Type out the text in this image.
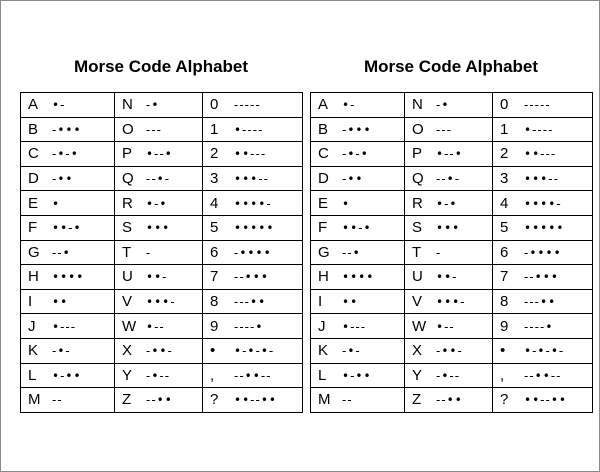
Morse Code Alphabet
A •-	N -•	0 -----
B -•••	O ---	1 •----
C -•-•	P •--•	2 ••---
D -••	Q --•-	3 •••--
E •	R •-•	4 ••••-
F ••-•	S •••	5 •••••
G --•	T -	6 -••••
H ••••	U ••-	7 --•••
I ••	V •••-	8 ---••
J •---	W •--	9 ----•
K -•-	X -••-	• •-•-•-
L •-••	Y -•--	, --••--
M --	Z --••	? ••--••
Morse Code Alphabet
A •-	N -•	0 -----
B -•••	O ---	1 •----
C -•-•	P •--•	2 ••---
D -••	Q --•-	3 •••--
E •	R •-•	4 ••••-
F ••-•	S •••	5 •••••
G --•	T -	6 -••••
H ••••	U ••-	7 --•••
I ••	V •••-	8 ---••
J •---	W •--	9 ----•
K -•-	X -••-	• •-•-•-
L •-••	Y -•--	, --••--
M --	Z --••	? ••--••
